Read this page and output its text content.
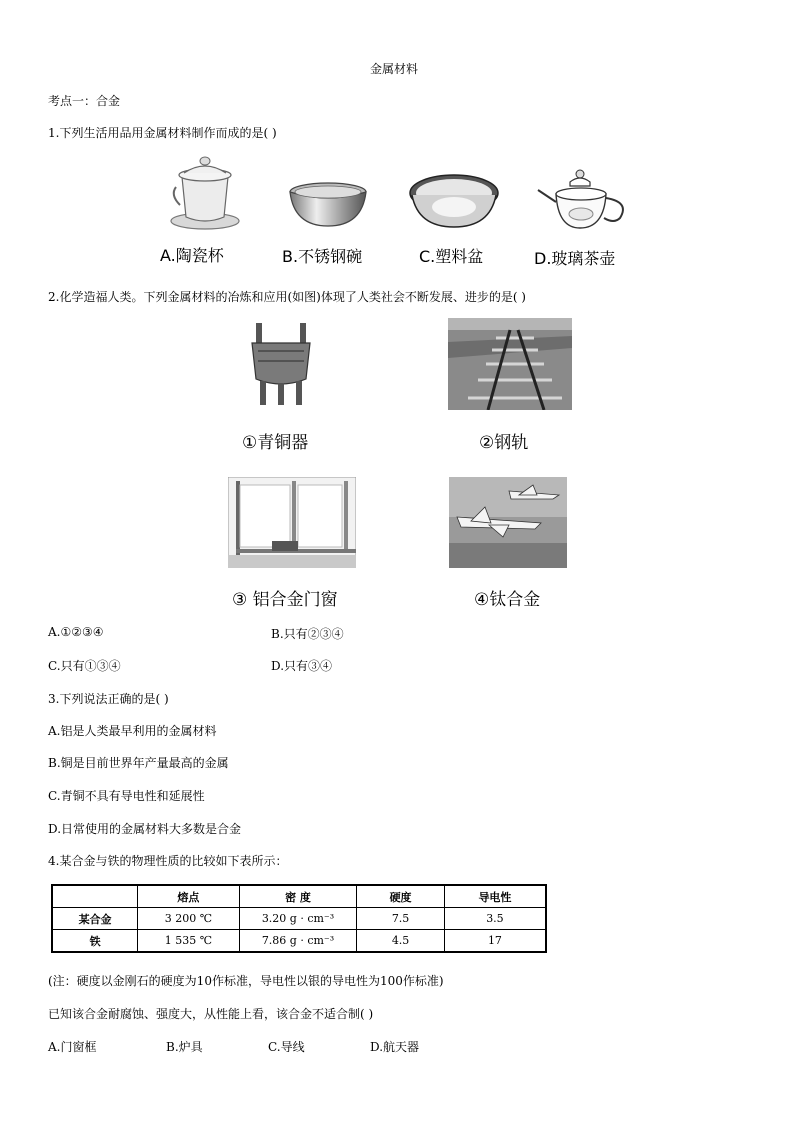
金属材料
考点一：合金
1.下列生活用品用金属材料制作而成的是( )
A.陶瓷杯	B.不锈钢碗	C.塑料盆	D.玻璃茶壶
2.化学造福人类。下列金属材料的冶炼和应用(如图)体现了人类社会不断发展、进步的是( )
①青铜器	②钢轨
③ 铝合金门窗	④钛合金
A.①②③④	B.只有②③④
C.只有①③④	D.只有③④
3.下列说法正确的是( )
A.铝是人类最早利用的金属材料
B.铜是目前世界年产量最高的金属
C.青铜不具有导电性和延展性
D.日常使用的金属材料大多数是合金
4.某合金与铁的物理性质的比较如下表所示：
	熔点	密 度	硬度	导电性
某合金	3 200 ℃	3.20 g · cm⁻³	7.5	3.5
铁	1 535 ℃	7.86 g · cm⁻³	4.5	17
(注：硬度以金刚石的硬度为10作标准，导电性以银的导电性为100作标准)
已知该合金耐腐蚀、强度大，从性能上看，该合金不适合制( )
A.门窗框	B.炉具	C.导线	D.航天器
